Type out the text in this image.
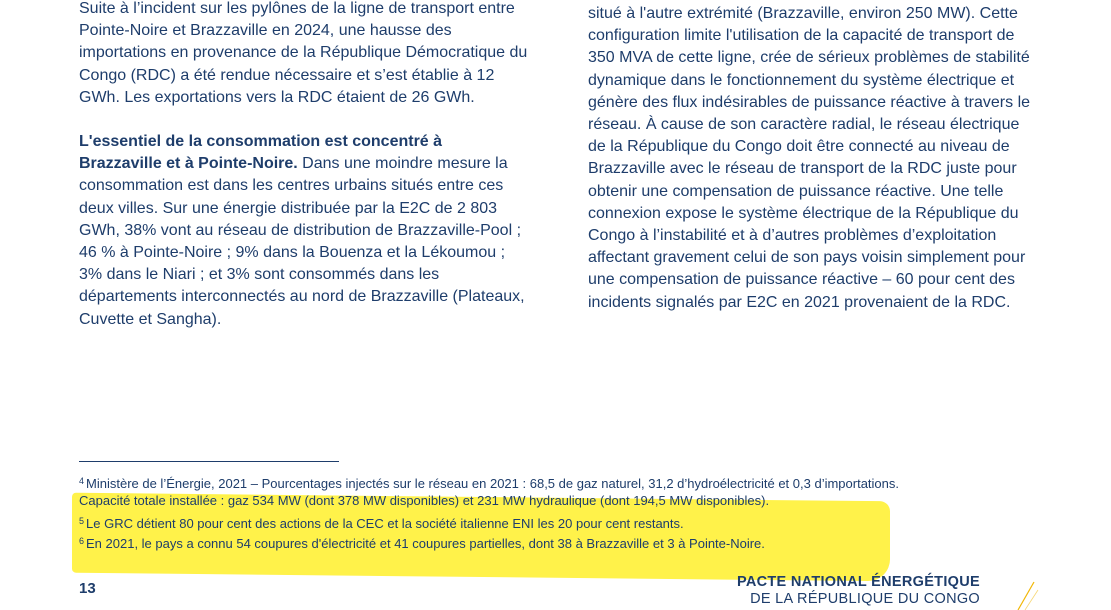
Suite à l’incident sur les pylônes de la ligne de transport entre Pointe-Noire et Brazzaville en 2024, une hausse des importations en provenance de la République Démocratique du Congo (RDC) a été rendue nécessaire et s’est établie à 12 GWh. Les exportations vers la RDC étaient de 26 GWh.

L'essentiel de la consommation est concentré à Brazzaville et à Pointe-Noire. Dans une moindre mesure la consommation est dans les centres urbains situés entre ces deux villes. Sur une énergie distribuée par la E2C de 2 803 GWh, 38% vont au réseau de distribution de Brazzaville-Pool ; 46 % à Pointe-Noire ; 9% dans la Bouenza et la Lékoumou ; 3% dans le Niari ; et 3% sont consommés dans les départements interconnectés au nord de Brazzaville (Plateaux, Cuvette et Sangha).

situé à l'autre extrémité (Brazzaville, environ 250 MW). Cette configuration limite l'utilisation de la capacité de transport de 350 MVA de cette ligne, crée de sérieux problèmes de stabilité dynamique dans le fonctionnement du système électrique et génère des flux indésirables de puissance réactive à travers le réseau. À cause de son caractère radial, le réseau électrique de la République du Congo doit être connecté au niveau de Brazzaville avec le réseau de transport de la RDC juste pour obtenir une compensation de puissance réactive. Une telle connexion expose le système électrique de la République du Congo à l’instabilité et à d’autres problèmes d’exploitation affectant gravement celui de son pays voisin simplement pour une compensation de puissance réactive – 60 pour cent des incidents signalés par E2C en 2021 provenaient de la RDC.

$^4$ Ministère de l’Énergie, 2021 – Pourcentages injectés sur le réseau en 2021 : 68,5 de gaz naturel, 31,2 d’hydroélectricité et 0,3 d’importations.
Capacité totale installée : gaz 534 MW (dont 378 MW disponibles) et 231 MW hydraulique (dont 194,5 MW disponibles).
$^5$ Le GRC détient 80 pour cent des actions de la CEC et la société italienne ENI les 20 pour cent restants.
$^6$ En 2021, le pays a connu 54 coupures d'électricité et 41 coupures partielles, dont 38 à Brazzaville et 3 à Pointe-Noire.
13	PACTE NATIONAL ÉNERGÉTIQUE
DE LA RÉPUBLIQUE DU CONGO
